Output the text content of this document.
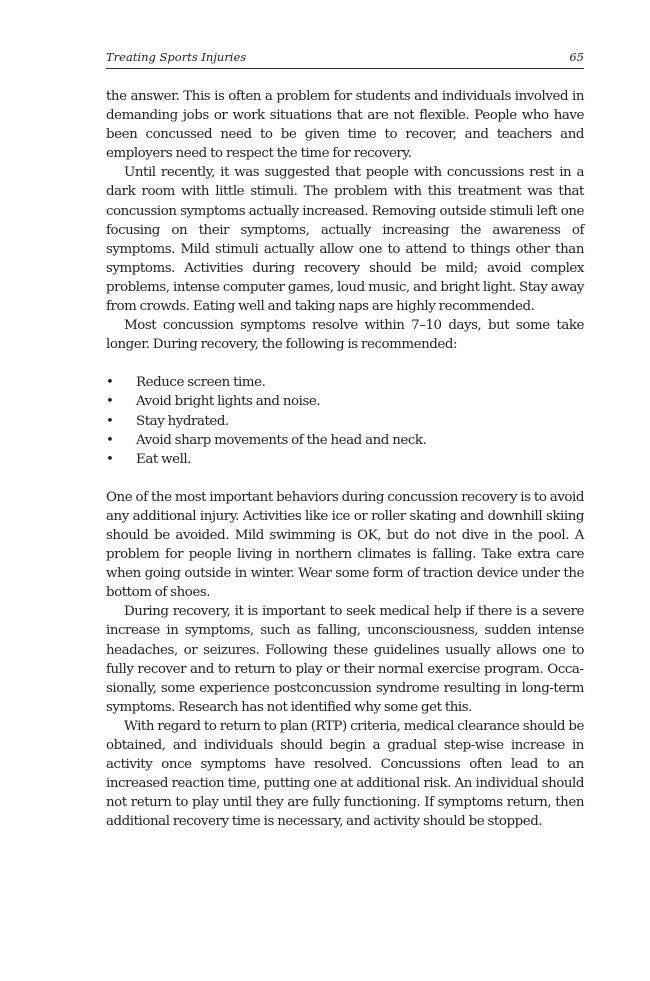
Treating Sports Injuries	65

the answer. This is often a problem for students and individuals involved in demanding jobs or work situations that are not flexible. People who have been concussed need to be given time to recover, and teachers and employers need to respect the time for recovery.

Until recently, it was suggested that people with concussions rest in a dark room with little stimuli. The problem with this treatment was that concussion symptoms actually increased. Removing outside stimuli left one focusing on their symptoms, actually increasing the awareness of symptoms. Mild stimuli actually allow one to attend to things other than symptoms. Activities during recovery should be mild; avoid complex problems, intense computer games, loud music, and bright light. Stay away from crowds. Eating well and taking naps are highly recommended.

Most concussion symptoms resolve within 7–10 days, but some take longer. During recovery, the following is recommended:

• Reduce screen time.
• Avoid bright lights and noise.
• Stay hydrated.
• Avoid sharp movements of the head and neck.
• Eat well.

One of the most important behaviors during concussion recovery is to avoid any additional injury. Activities like ice or roller skating and downhill skiing should be avoided. Mild swimming is OK, but do not dive in the pool. A problem for people living in northern climates is falling. Take extra care when going outside in winter. Wear some form of traction device under the bottom of shoes.

During recovery, it is important to seek medical help if there is a severe increase in symptoms, such as falling, unconsciousness, sudden intense headaches, or seizures. Following these guidelines usually allows one to fully recover and to return to play or their normal exercise program. Occasionally, some experience postconcussion syndrome resulting in long-term symptoms. Research has not identified why some get this.

With regard to return to plan (RTP) criteria, medical clearance should be obtained, and individuals should begin a gradual step-wise increase in activity once symptoms have resolved. Concussions often lead to an increased reaction time, putting one at additional risk. An individual should not return to play until they are fully functioning. If symptoms return, then additional recovery time is necessary, and activity should be stopped.
